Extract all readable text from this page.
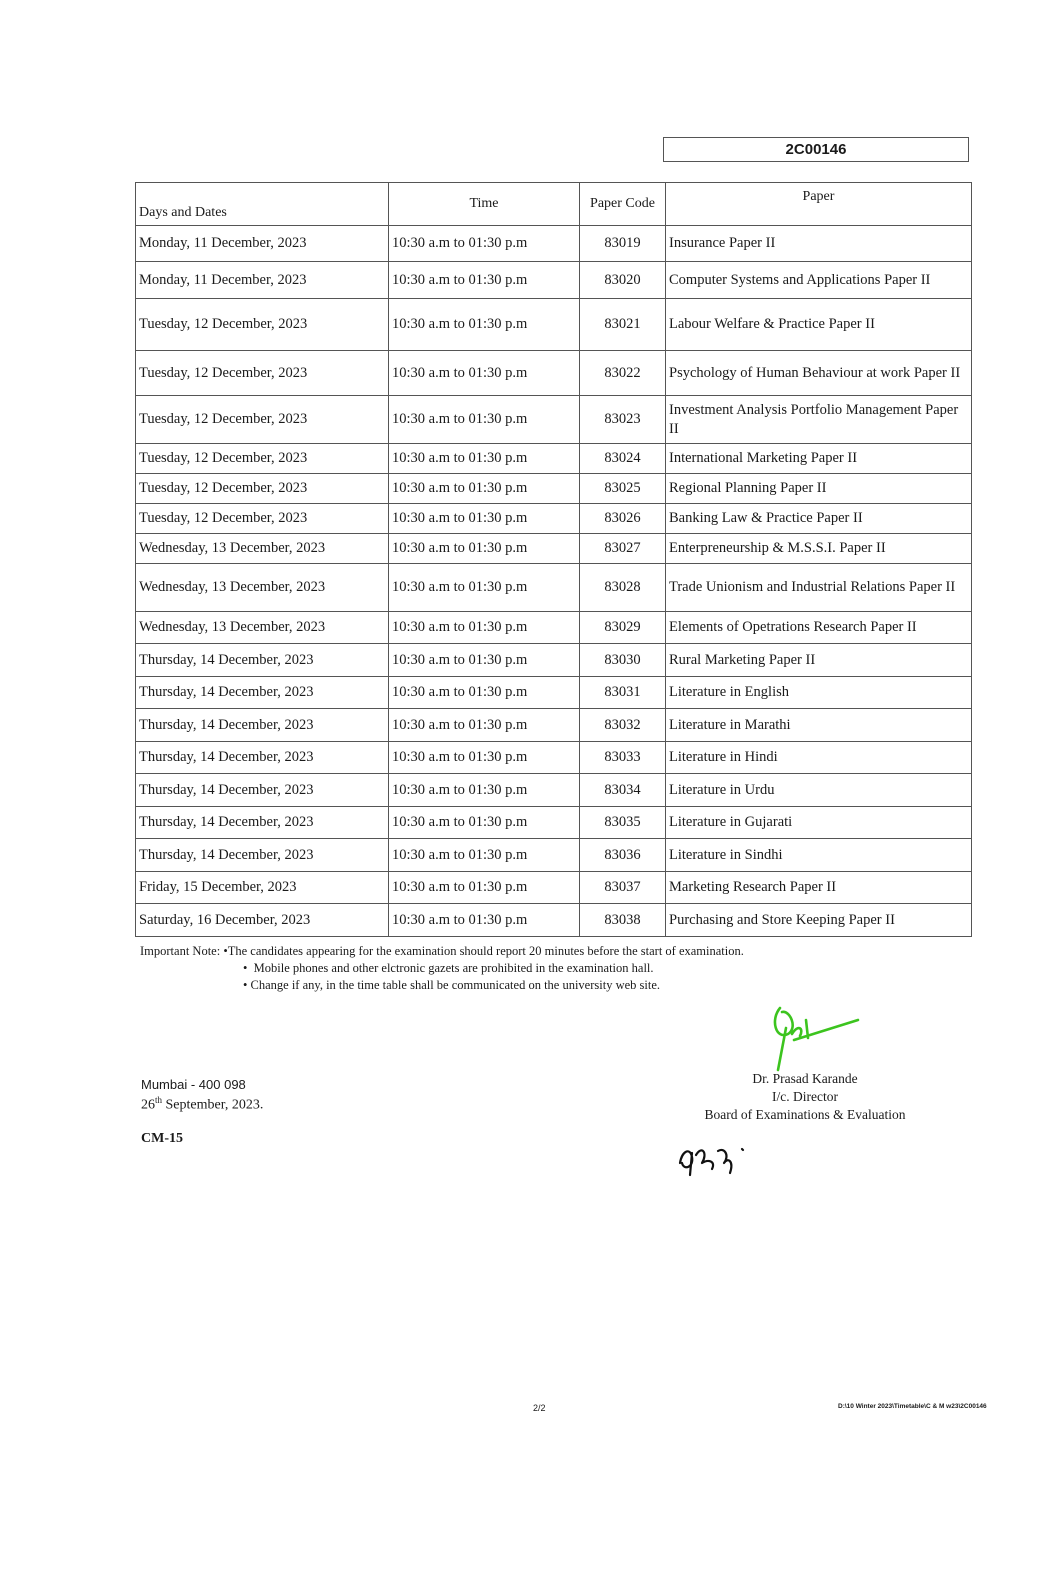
2C00146
Days and Dates	Time	Paper Code	Paper
Monday, 11 December, 2023	10:30 a.m to 01:30 p.m	83019	Insurance Paper II
Monday, 11 December, 2023	10:30 a.m to 01:30 p.m	83020	Computer Systems and Applications Paper II
Tuesday, 12 December, 2023	10:30 a.m to 01:30 p.m	83021	Labour Welfare & Practice Paper II
Tuesday, 12 December, 2023	10:30 a.m to 01:30 p.m	83022	Psychology of Human Behaviour at work Paper II
Tuesday, 12 December, 2023	10:30 a.m to 01:30 p.m	83023	Investment Analysis Portfolio Management Paper II
Tuesday, 12 December, 2023	10:30 a.m to 01:30 p.m	83024	International Marketing Paper II
Tuesday, 12 December, 2023	10:30 a.m to 01:30 p.m	83025	Regional Planning Paper II
Tuesday, 12 December, 2023	10:30 a.m to 01:30 p.m	83026	Banking Law & Practice Paper II
Wednesday, 13 December, 2023	10:30 a.m to 01:30 p.m	83027	Enterpreneurship & M.S.S.I. Paper II
Wednesday, 13 December, 2023	10:30 a.m to 01:30 p.m	83028	Trade Unionism and Industrial Relations Paper II
Wednesday, 13 December, 2023	10:30 a.m to 01:30 p.m	83029	Elements of Opetrations Research Paper II
Thursday, 14 December, 2023	10:30 a.m to 01:30 p.m	83030	Rural Marketing Paper II
Thursday, 14 December, 2023	10:30 a.m to 01:30 p.m	83031	Literature in English
Thursday, 14 December, 2023	10:30 a.m to 01:30 p.m	83032	Literature in Marathi
Thursday, 14 December, 2023	10:30 a.m to 01:30 p.m	83033	Literature in Hindi
Thursday, 14 December, 2023	10:30 a.m to 01:30 p.m	83034	Literature in Urdu
Thursday, 14 December, 2023	10:30 a.m to 01:30 p.m	83035	Literature in Gujarati
Thursday, 14 December, 2023	10:30 a.m to 01:30 p.m	83036	Literature in Sindhi
Friday, 15 December, 2023	10:30 a.m to 01:30 p.m	83037	Marketing Research Paper II
Saturday, 16 December, 2023	10:30 a.m to 01:30 p.m	83038	Purchasing and Store Keeping Paper II
Important Note: •The candidates appearing for the examination should report 20 minutes before the start of examination.
•  Mobile phones and other elctronic gazets are prohibited in the examination hall.
• Change if any, in the time table shall be communicated on the university web site.
Mumbai - 400 098
26th September, 2023.
CM-15
Dr. Prasad Karande
I/c. Director
Board of Examinations & Evaluation
2/2	D:\10 Winter 2023\Timetable\C & M w23\2C00146
